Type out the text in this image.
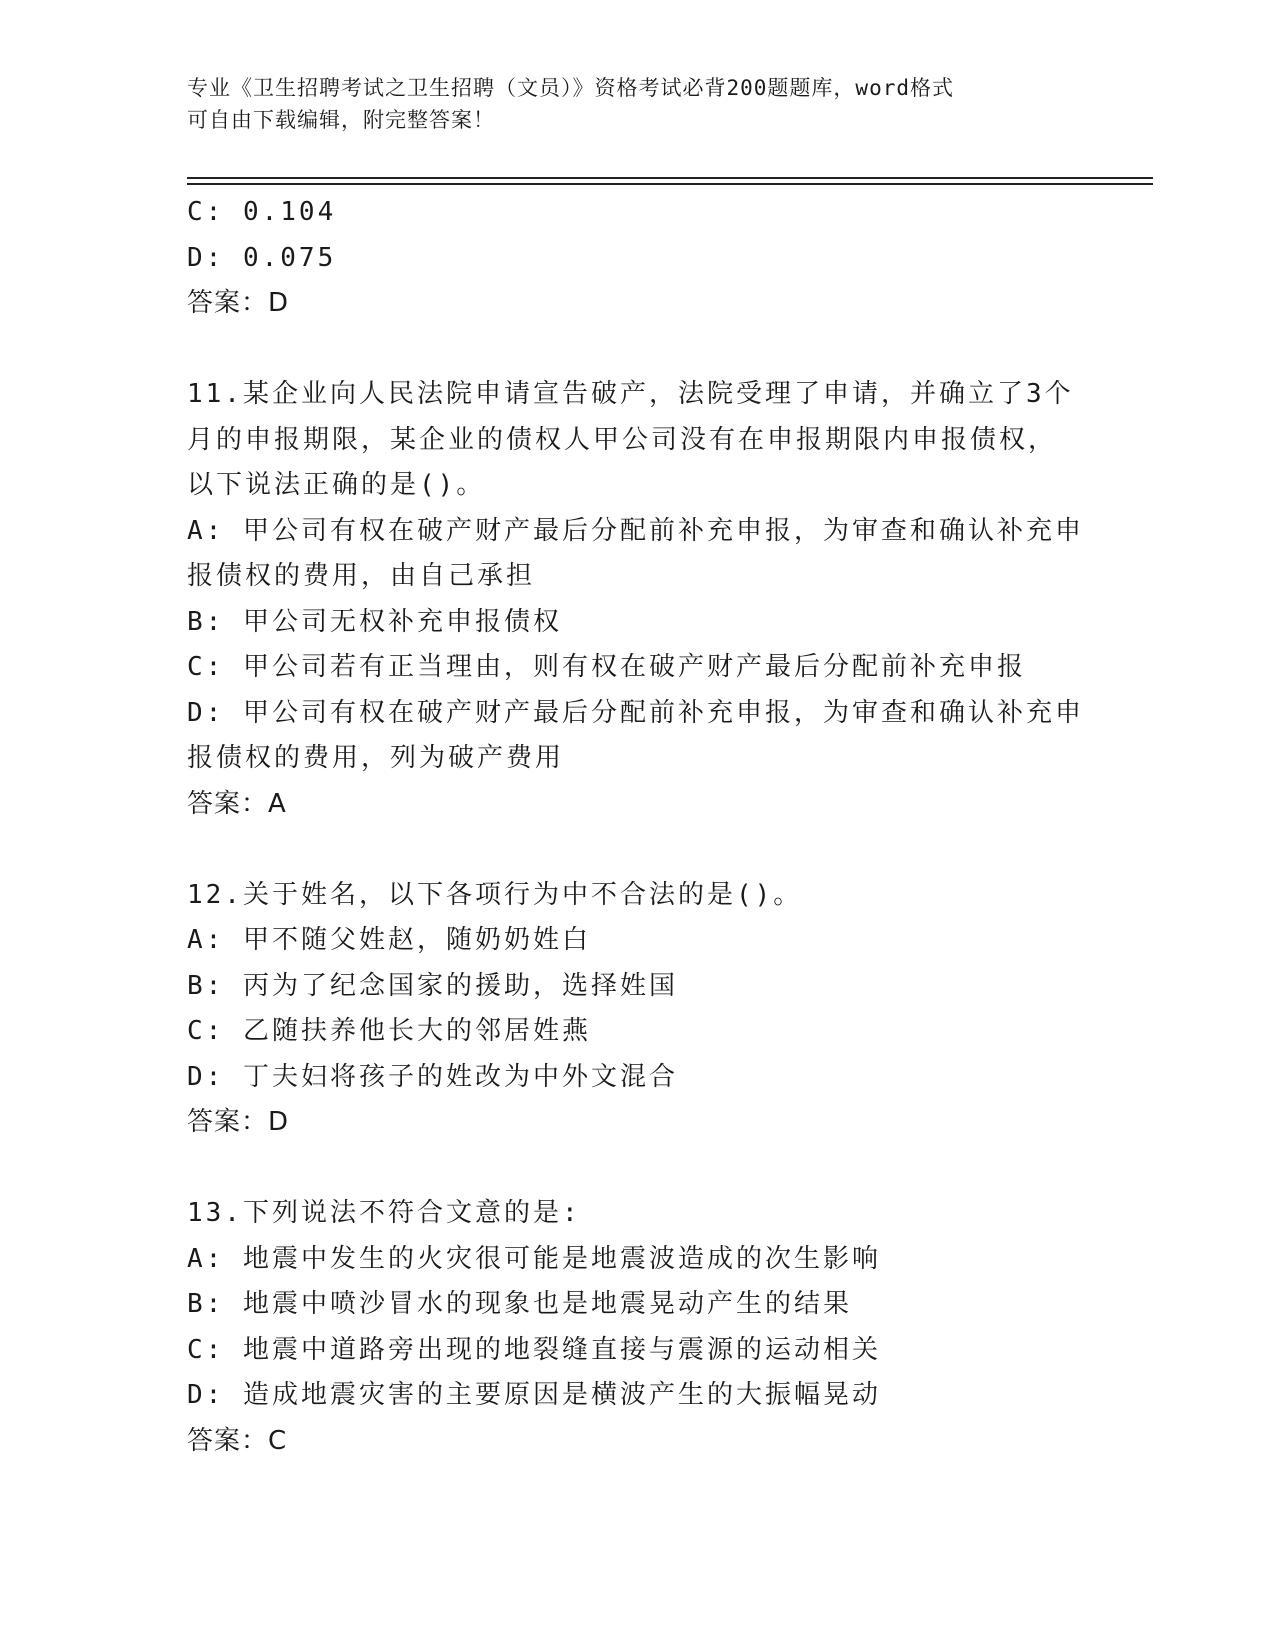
专业《卫生招聘考试之卫生招聘（文员）》资格考试必背200题题库，word格式
可自由下载编辑，附完整答案！
C: 0.104
D: 0.075
答案：D
11.某企业向人民法院申请宣告破产，法院受理了申请，并确立了3个
月的申报期限，某企业的债权人甲公司没有在申报期限内申报债权，
以下说法正确的是()。
A: 甲公司有权在破产财产最后分配前补充申报，为审查和确认补充申
报债权的费用，由自己承担
B: 甲公司无权补充申报债权
C: 甲公司若有正当理由，则有权在破产财产最后分配前补充申报
D: 甲公司有权在破产财产最后分配前补充申报，为审查和确认补充申
报债权的费用，列为破产费用
答案：A
12.关于姓名，以下各项行为中不合法的是()。
A: 甲不随父姓赵，随奶奶姓白
B: 丙为了纪念国家的援助，选择姓国
C: 乙随扶养他长大的邻居姓燕
D: 丁夫妇将孩子的姓改为中外文混合
答案：D
13.下列说法不符合文意的是:
A: 地震中发生的火灾很可能是地震波造成的次生影响
B: 地震中喷沙冒水的现象也是地震晃动产生的结果
C: 地震中道路旁出现的地裂缝直接与震源的运动相关
D: 造成地震灾害的主要原因是横波产生的大振幅晃动
答案：C
